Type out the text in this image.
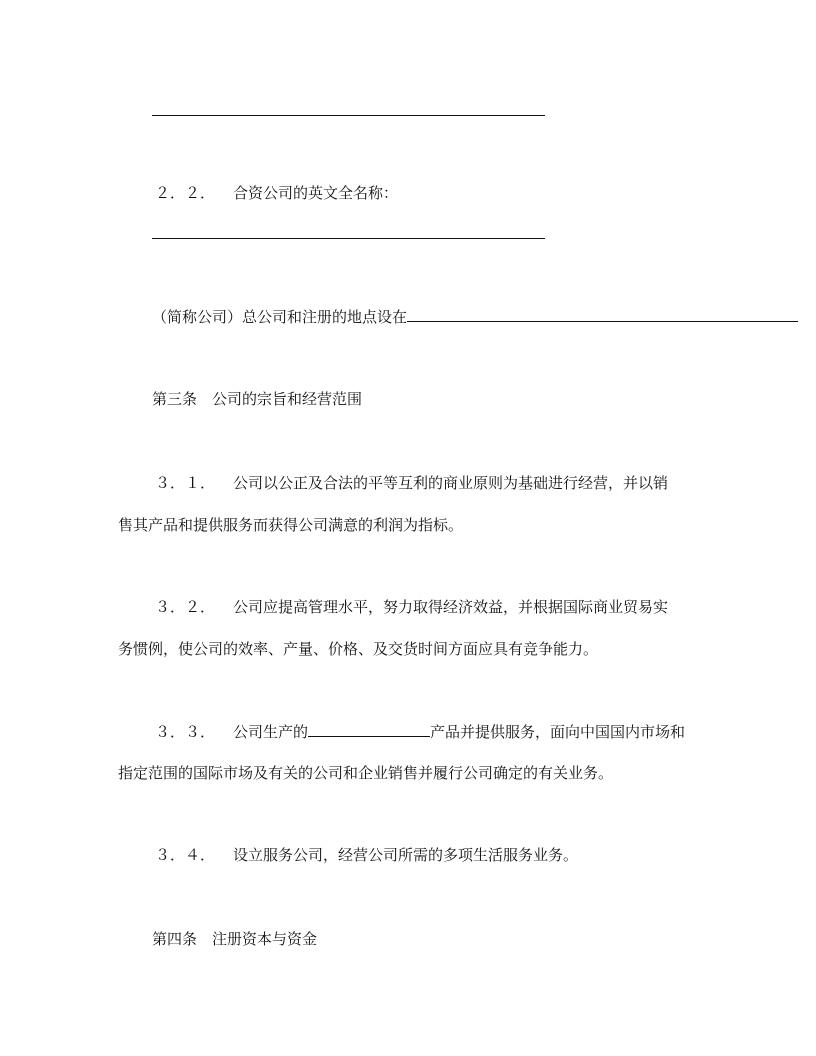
２．２． 合资公司的英文全名称：
（简称公司）总公司和注册的地点设在
第三条　公司的宗旨和经营范围
３．１． 公司以公正及合法的平等互利的商业原则为基础进行经营，并以销
售其产品和提供服务而获得公司满意的利润为指标。
３．２． 公司应提高管理水平，努力取得经济效益，并根据国际商业贸易实
务惯例，使公司的效率、产量、价格、及交货时间方面应具有竞争能力。
３．３． 公司生产的	产品并提供服务，面向中国国内市场和
指定范围的国际市场及有关的公司和企业销售并履行公司确定的有关业务。
３．４． 设立服务公司，经营公司所需的多项生活服务业务。
第四条　注册资本与资金
